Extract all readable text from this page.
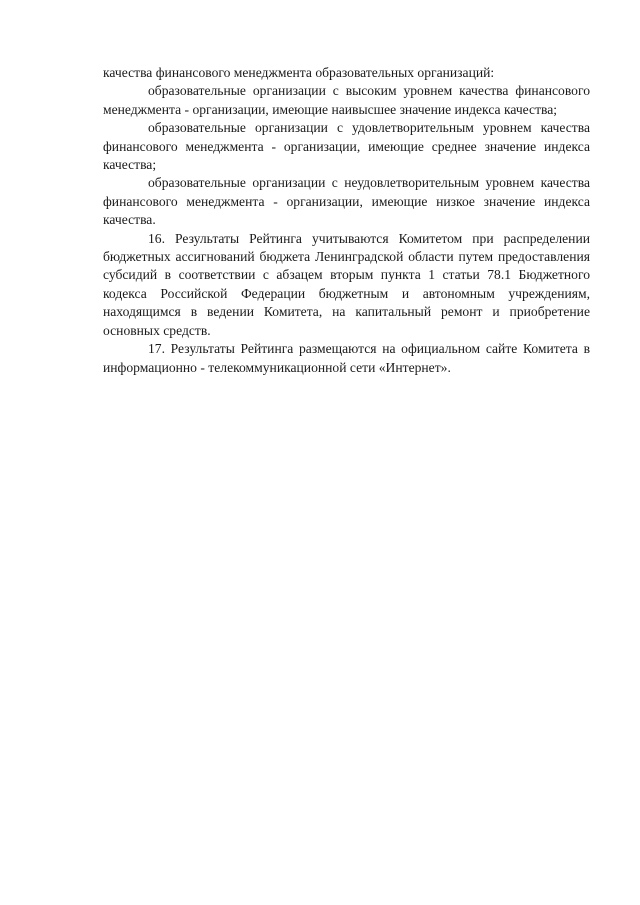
качества финансового менеджмента образовательных организаций:

образовательные организации с высоким уровнем качества финансового менеджмента - организации, имеющие наивысшее значение индекса качества;

образовательные организации с удовлетворительным уровнем качества финансового менеджмента - организации, имеющие среднее значение индекса качества;

образовательные организации с неудовлетворительным уровнем качества финансового менеджмента - организации, имеющие низкое значение индекса качества.

16. Результаты Рейтинга учитываются Комитетом при распределении бюджетных ассигнований бюджета Ленинградской области путем предоставления субсидий в соответствии с абзацем вторым пункта 1 статьи 78.1 Бюджетного кодекса Российской Федерации бюджетным и автономным учреждениям, находящимся в ведении Комитета, на капитальный ремонт и приобретение основных средств.

17. Результаты Рейтинга размещаются на официальном сайте Комитета в информационно - телекоммуникационной сети «Интернет».
